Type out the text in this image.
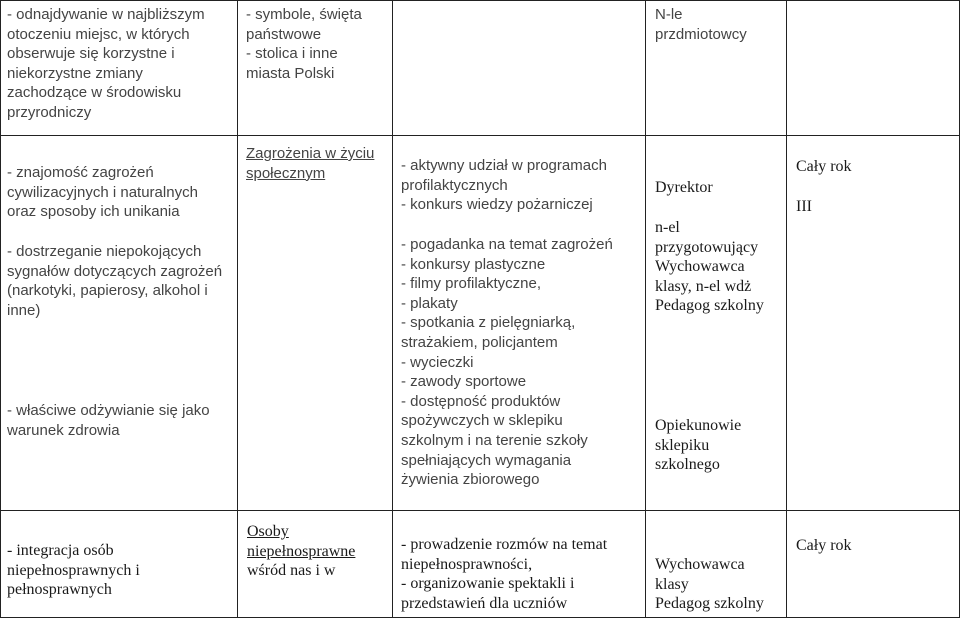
- odnajdywanie w najbliższym
otoczeniu miejsc, w których
obserwuje się korzystne i
niekorzystne zmiany
zachodzące w środowisku
przyrodniczy
- symbole, święta
państwowe
- stolica i inne
miasta Polski
N-le
przdmiotowcy
- znajomość zagrożeń
cywilizacyjnych i naturalnych
oraz sposoby ich unikania
- dostrzeganie niepokojących
sygnałów dotyczących zagrożeń
(narkotyki, papierosy, alkohol i
inne)
- właściwe odżywianie się jako
warunek zdrowia
Zagrożenia w życiu
społecznym	- aktywny udział w programach
profilaktycznych
- konkurs wiedzy pożarniczej
- pogadanka na temat zagrożeń
- konkursy plastyczne
- filmy profilaktyczne,
- plakaty
- spotkania z pielęgniarką,
strażakiem, policjantem
- wycieczki
- zawody sportowe
- dostępność produktów
spożywczych w sklepiku
szkolnym i na terenie szkoły
spełniających wymagania
żywienia zbiorowego
Dyrektor
n-el
przygotowujący
Wychowawca
klasy, n-el wdż
Pedagog szkolny
Opiekunowie
sklepiku
szkolnego
Cały rok
III
- integracja osób
niepełnosprawnych i
pełnosprawnych
Osoby
niepełnosprawne
wśród nas i w
- prowadzenie rozmów na temat
niepełnosprawności,
- organizowanie spektakli i
przedstawień dla uczniów
Wychowawca
klasy
Pedagog szkolny
Cały rok
